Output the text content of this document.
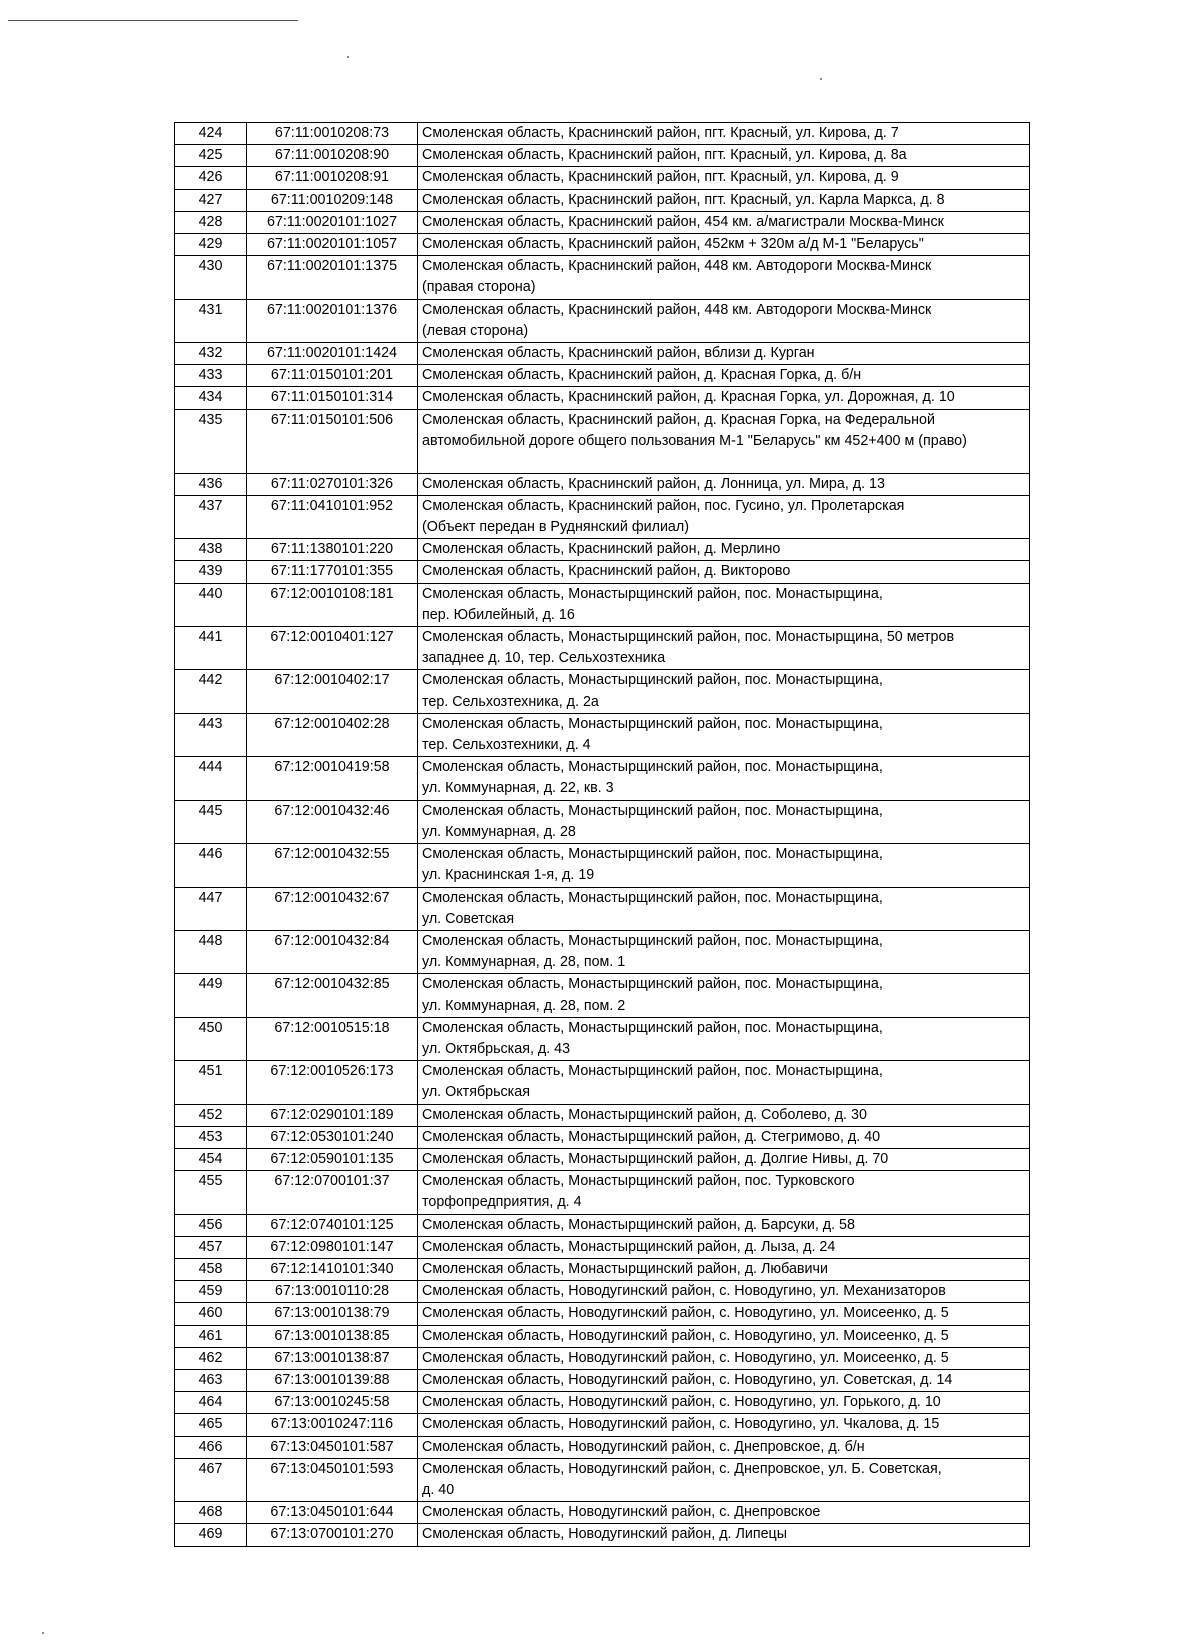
424	67:11:0010208:73	Смоленская область, Краснинский район, пгт. Красный, ул. Кирова, д. 7

425	67:11:0010208:90	Смоленская область, Краснинский район, пгт. Красный, ул. Кирова, д. 8а

426	67:11:0010208:91	Смоленская область, Краснинский район, пгт. Красный, ул. Кирова, д. 9

427	67:11:0010209:148	Смоленская область, Краснинский район, пгт. Красный, ул. Карла Маркса, д. 8

428	67:11:0020101:1027	Смоленская область, Краснинский район, 454 км. а/магистрали Москва-Минск

429	67:11:0020101:1057	Смоленская область, Краснинский район, 452км + 320м а/д М-1 "Беларусь"

430	67:11:0020101:1375	Смоленская область, Краснинский район, 448 км. Автодороги Москва-Минск
(правая сторона)

431	67:11:0020101:1376	Смоленская область, Краснинский район, 448 км. Автодороги Москва-Минск
(левая сторона)

432	67:11:0020101:1424	Смоленская область, Краснинский район, вблизи д. Курган

433	67:11:0150101:201	Смоленская область, Краснинский район, д. Красная Горка, д. б/н

434	67:11:0150101:314	Смоленская область, Краснинский район, д. Красная Горка, ул. Дорожная, д. 10

435	67:11:0150101:506	Смоленская область, Краснинский район, д. Красная Горка, на Федеральной
автомобильной дороге общего пользования М-1 "Беларусь" км 452+400 м (право)

436	67:11:0270101:326	Смоленская область, Краснинский район, д. Лонница, ул. Мира, д. 13

437	67:11:0410101:952	Смоленская область, Краснинский район, пос. Гусино, ул. Пролетарская
(Объект передан в Руднянский филиал)

438	67:11:1380101:220	Смоленская область, Краснинский район, д. Мерлино

439	67:11:1770101:355	Смоленская область, Краснинский район, д. Викторово

440	67:12:0010108:181	Смоленская область, Монастырщинский район, пос. Монастырщина,
пер. Юбилейный, д. 16

441	67:12:0010401:127	Смоленская область, Монастырщинский район, пос. Монастырщина, 50 метров
западнее д. 10, тер. Сельхозтехника

442	67:12:0010402:17	Смоленская область, Монастырщинский район, пос. Монастырщина,
тер. Сельхозтехника, д. 2а

443	67:12:0010402:28	Смоленская область, Монастырщинский район, пос. Монастырщина,
тер. Сельхозтехники, д. 4

444	67:12:0010419:58	Смоленская область, Монастырщинский район, пос. Монастырщина,
ул. Коммунарная, д. 22, кв. 3

445	67:12:0010432:46	Смоленская область, Монастырщинский район, пос. Монастырщина,
ул. Коммунарная, д. 28

446	67:12:0010432:55	Смоленская область, Монастырщинский район, пос. Монастырщина,
ул. Краснинская 1-я, д. 19

447	67:12:0010432:67	Смоленская область, Монастырщинский район, пос. Монастырщина,
ул. Советская

448	67:12:0010432:84	Смоленская область, Монастырщинский район, пос. Монастырщина,
ул. Коммунарная, д. 28, пом. 1

449	67:12:0010432:85	Смоленская область, Монастырщинский район, пос. Монастырщина,
ул. Коммунарная, д. 28, пом. 2

450	67:12:0010515:18	Смоленская область, Монастырщинский район, пос. Монастырщина,
ул. Октябрьская, д. 43

451	67:12:0010526:173	Смоленская область, Монастырщинский район, пос. Монастырщина,
ул. Октябрьская

452	67:12:0290101:189	Смоленская область, Монастырщинский район, д. Соболево, д. 30

453	67:12:0530101:240	Смоленская область, Монастырщинский район, д. Стегримово, д. 40

454	67:12:0590101:135	Смоленская область, Монастырщинский район, д. Долгие Нивы, д. 70

455	67:12:0700101:37	Смоленская область, Монастырщинский район, пос. Турковского
торфопредприятия, д. 4

456	67:12:0740101:125	Смоленская область, Монастырщинский район, д. Барсуки, д. 58

457	67:12:0980101:147	Смоленская область, Монастырщинский район, д. Лыза, д. 24

458	67:12:1410101:340	Смоленская область, Монастырщинский район, д. Любавичи

459	67:13:0010110:28	Смоленская область, Новодугинский район, с. Новодугино, ул. Механизаторов

460	67:13:0010138:79	Смоленская область, Новодугинский район, с. Новодугино, ул. Моисеенко, д. 5

461	67:13:0010138:85	Смоленская область, Новодугинский район, с. Новодугино, ул. Моисеенко, д. 5

462	67:13:0010138:87	Смоленская область, Новодугинский район, с. Новодугино, ул. Моисеенко, д. 5

463	67:13:0010139:88	Смоленская область, Новодугинский район, с. Новодугино, ул. Советская, д. 14

464	67:13:0010245:58	Смоленская область, Новодугинский район, с. Новодугино, ул. Горького, д. 10

465	67:13:0010247:116	Смоленская область, Новодугинский район, с. Новодугино, ул. Чкалова, д. 15

466	67:13:0450101:587	Смоленская область, Новодугинский район, с. Днепровское, д. б/н

467	67:13:0450101:593	Смоленская область, Новодугинский район, с. Днепровское, ул. Б. Советская,
д. 40

468	67:13:0450101:644	Смоленская область, Новодугинский район, с. Днепровское

469	67:13:0700101:270	Смоленская область, Новодугинский район, д. Липецы
